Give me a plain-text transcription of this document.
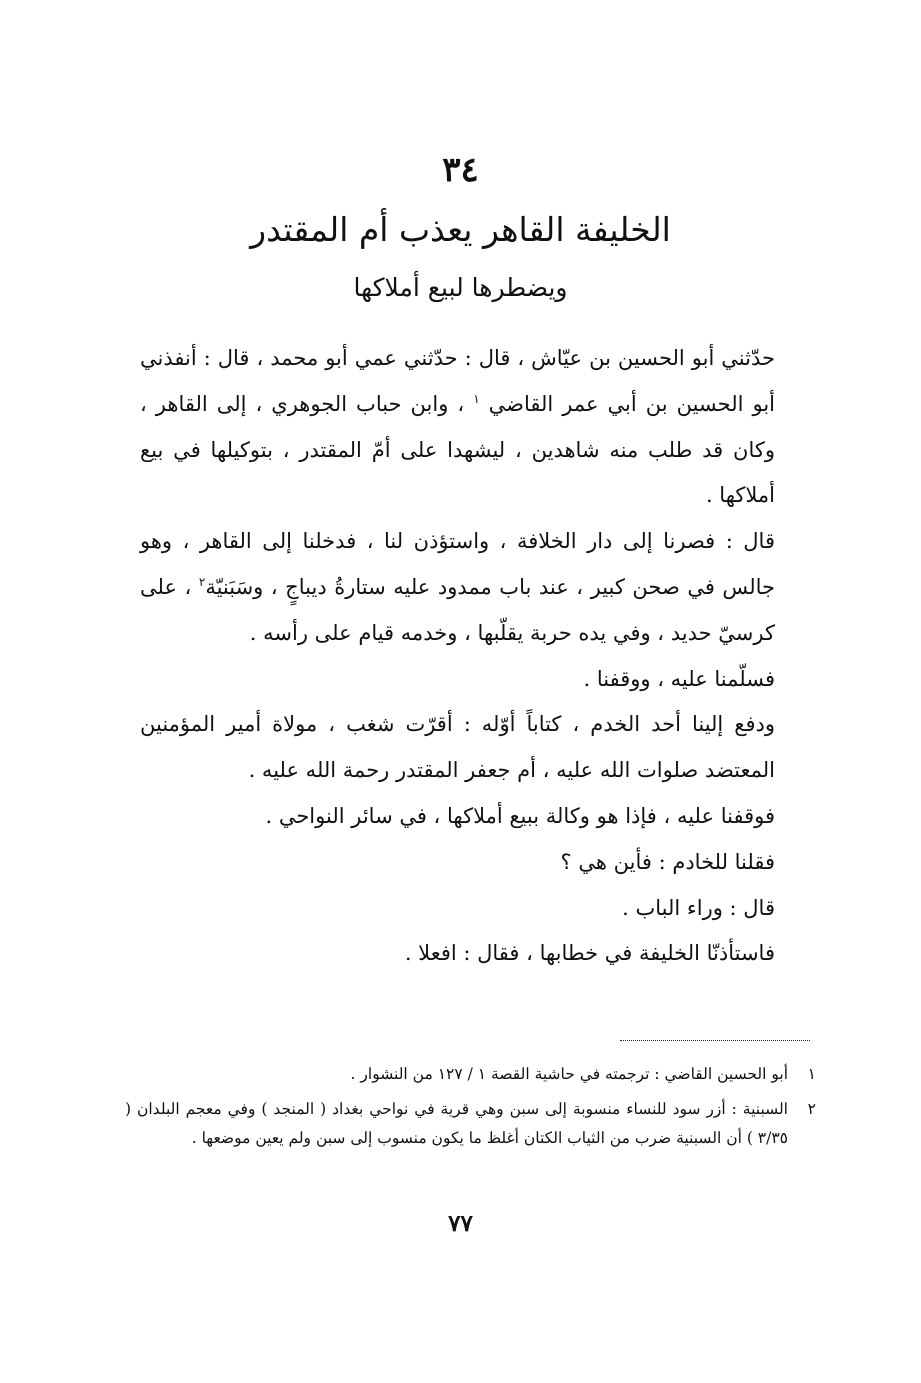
٣٤
الخليفة القاهر يعذب أم المقتدر
ويضطرها لبيع أملاكها

حدّثني أبو الحسين بن عيّاش ، قال : حدّثني عمي أبو محمد ، قال : أنفذني أبو الحسين بن أبي عمر القاضي $^١$ ، وابن حباب الجوهري ، إلى القاهر ، وكان قد طلب منه شاهدين ، ليشهدا على أمّ المقتدر ، بتوكيلها في بيع أملاكها .

قال : فصرنا إلى دار الخلافة ، واستؤذن لنا ، فدخلنا إلى القاهر ، وهو جالس في صحن كبير ، عند باب ممدود عليه ستارةُ ديباجٍ ، وسَبَنيّة$^٢$ ، على كرسيّ حديد ، وفي يده حربة يقلّبها ، وخدمه قيام على رأسه .

فسلّمنا عليه ، ووقفنا .

ودفع إلينا أحد الخدم ، كتاباً أوّله : أقرّت شغب ، مولاة أمير المؤمنين المعتضد صلوات الله عليه ، أم جعفر المقتدر رحمة الله عليه .

فوقفنا عليه ، فإذا هو وكالة ببيع أملاكها ، في سائر النواحي .

فقلنا للخادم : فأين هي ؟

قال : وراء الباب .

فاستأذنّا الخليفة في خطابها ، فقال : افعلا .

١
أبو الحسين القاضي : ترجمته في حاشية القصة ١ / ١٢٧ من النشوار .
٢
السبنية : أزر سود للنساء منسوبة إلى سبن وهي قرية في نواحي بغداد ( المنجد ) وفي معجم البلدان ( ٣/٣٥ ) أن السبنية ضرب من الثياب الكتان أغلظ ما يكون منسوب إلى سبن ولم يعين موضعها .
٧٧
